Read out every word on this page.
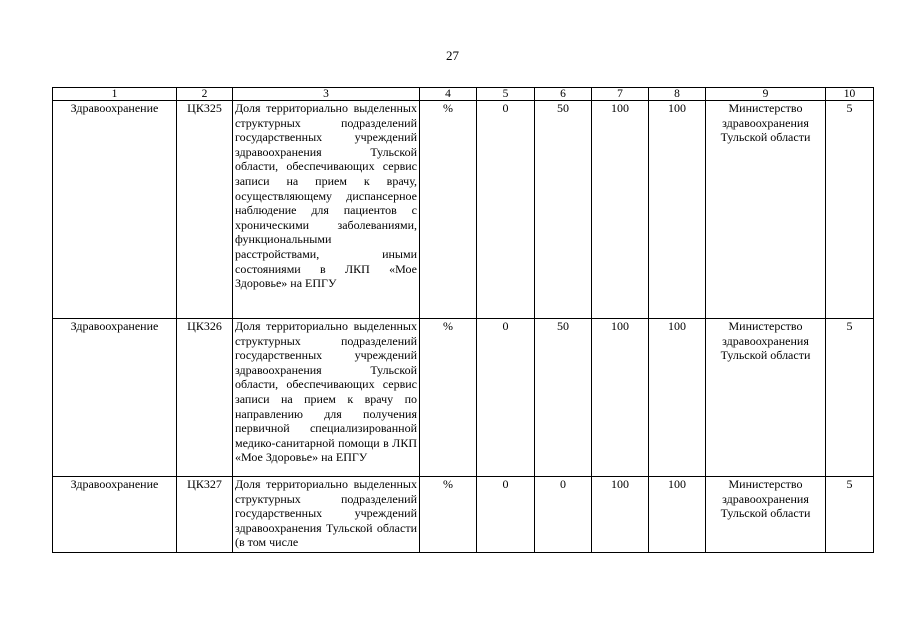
27
1	2	3	4	5	6	7	8	9	10
Здравоохранение	ЦК325	Доля территориально выделенных структурных подразделений государственных учреждений здравоохранения Тульской области, обеспечивающих сервис записи на прием к врачу, осуществляющему диспансерное наблюдение для пациентов с хроническими заболеваниями, функциональными расстройствами, иными состояниями в ЛКП «Мое Здоровье» на ЕПГУ	%	0	50	100	100	Министерство здравоохранения Тульской области	5
Здравоохранение	ЦК326	Доля территориально выделенных структурных подразделений государственных учреждений здравоохранения Тульской области, обеспечивающих сервис записи на прием к врачу по направлению для получения первичной специализированной медико-санитарной помощи в ЛКП «Мое Здоровье» на ЕПГУ	%	0	50	100	100	Министерство здравоохранения Тульской области	5
Здравоохранение	ЦК327	Доля территориально выделенных структурных подразделений государственных учреждений здравоохранения Тульской области (в том числе	%	0	0	100	100	Министерство здравоохранения Тульской области	5
